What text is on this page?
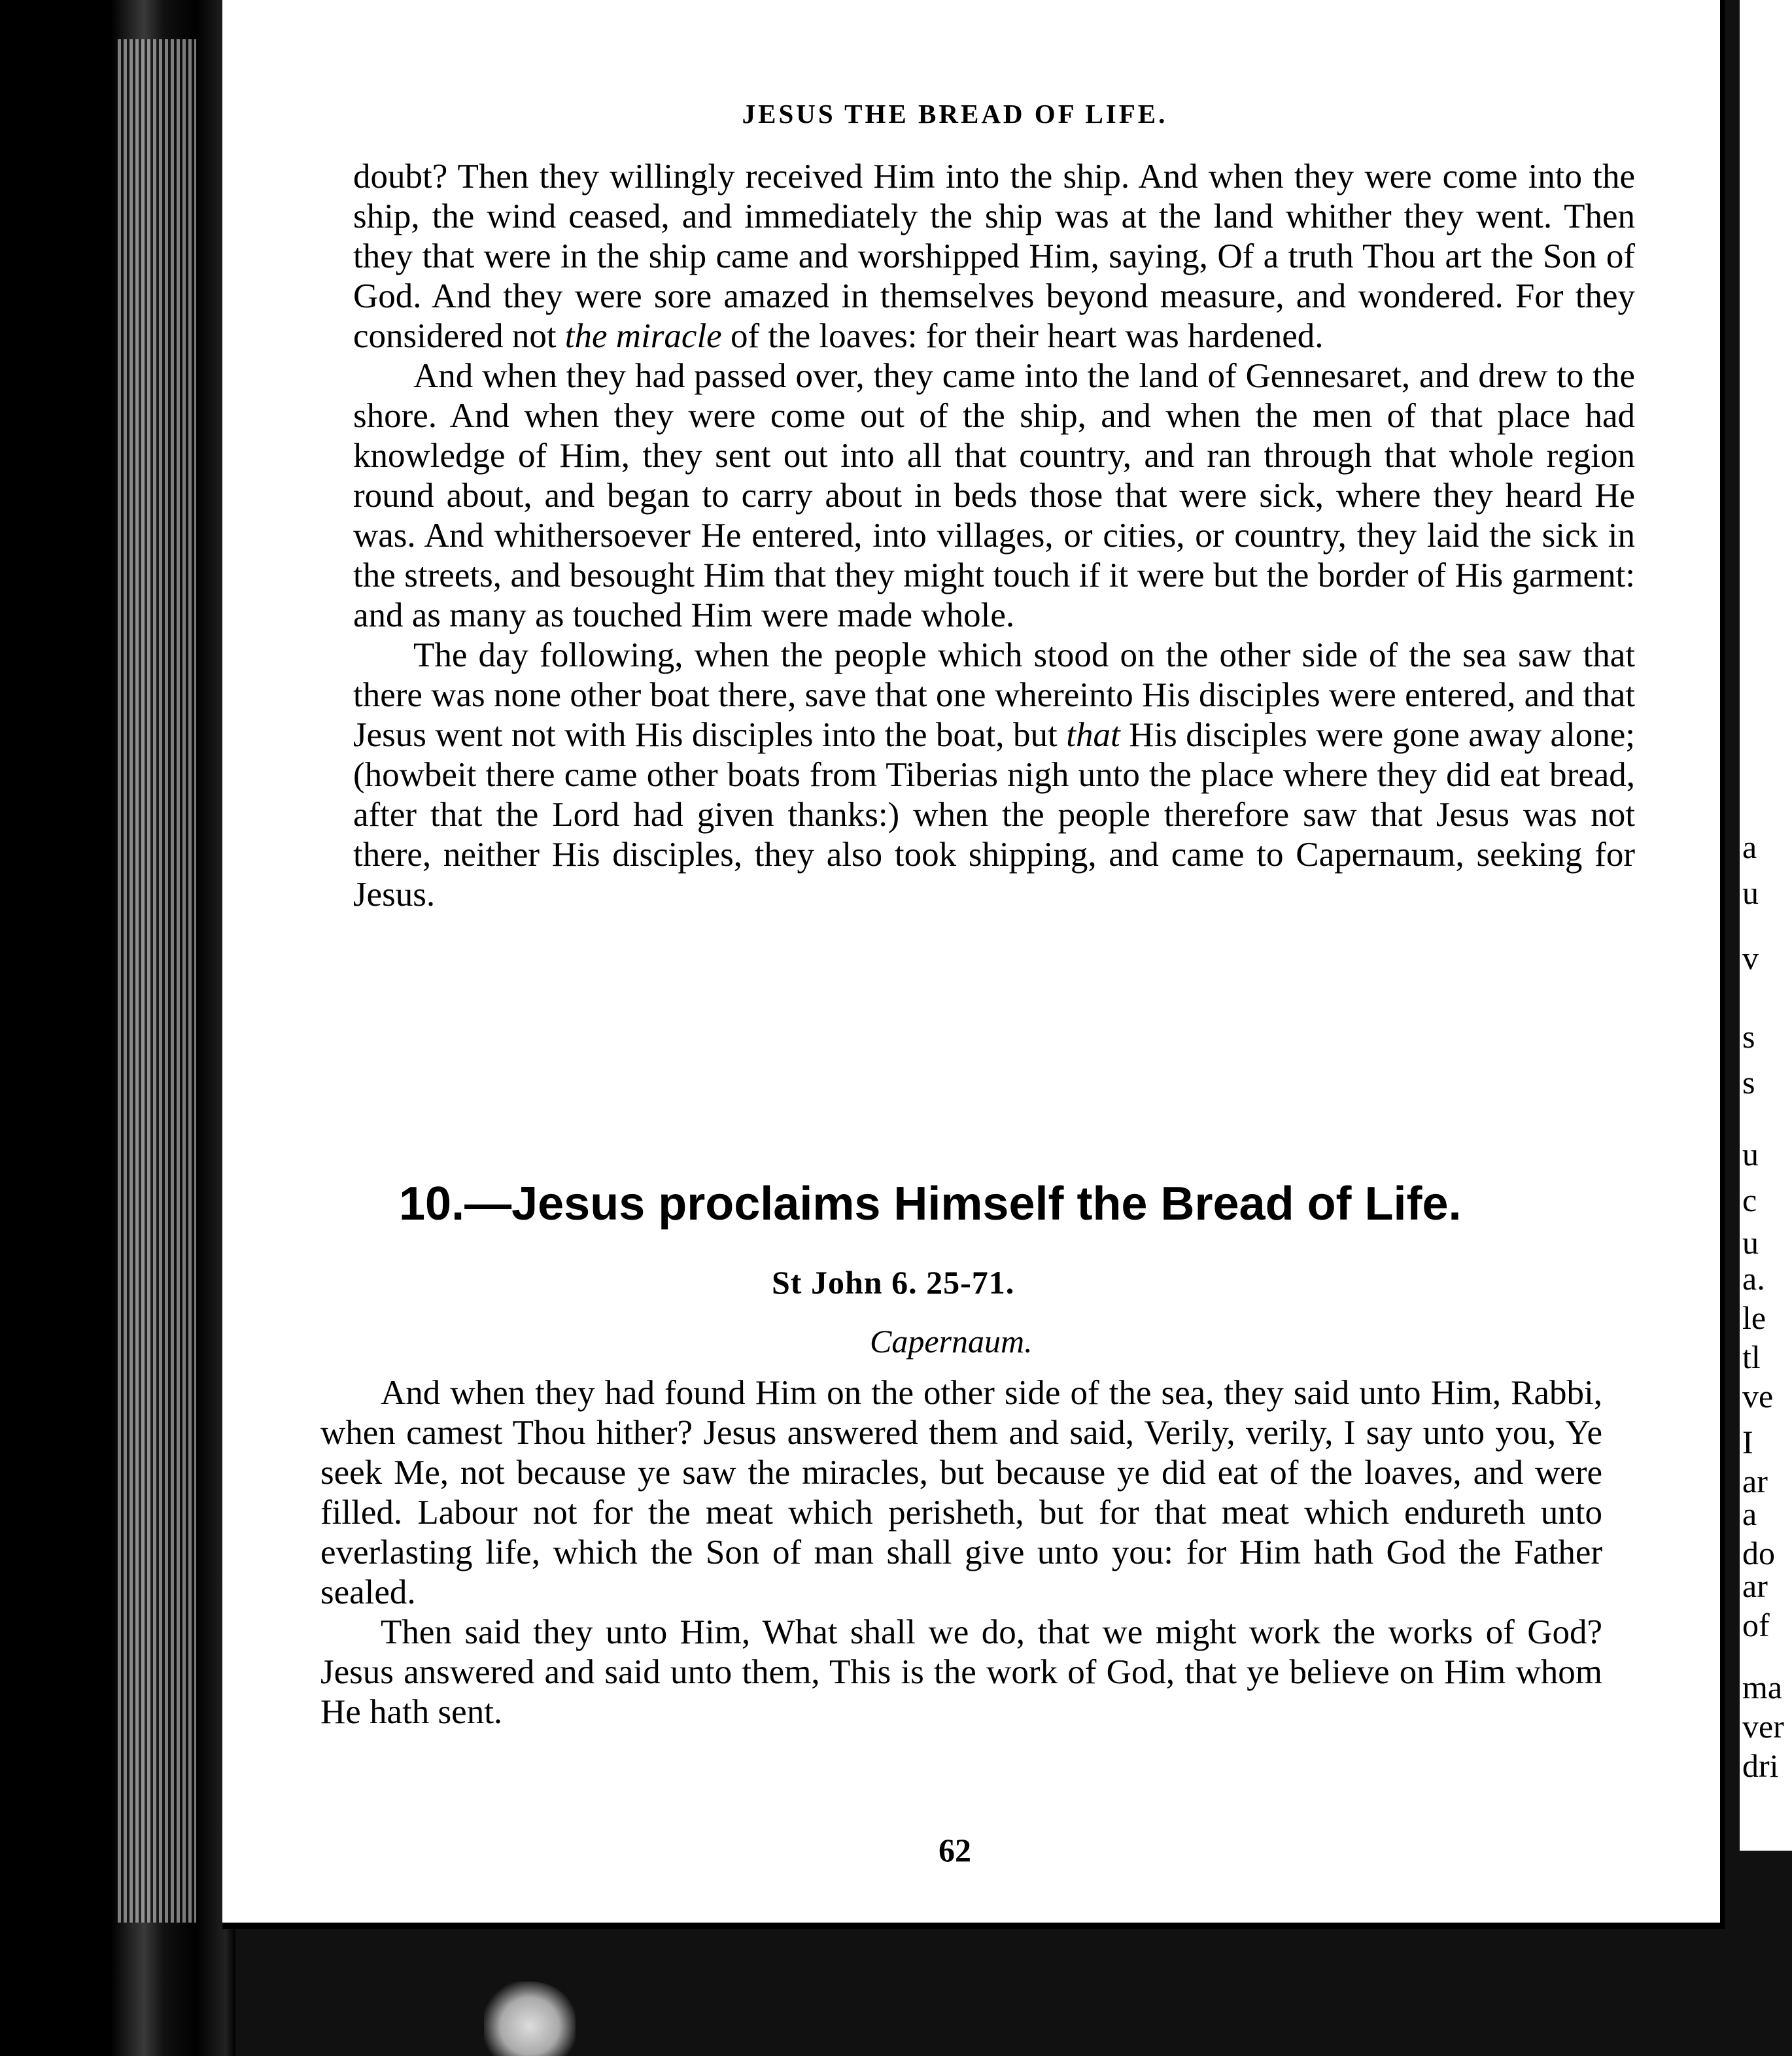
a
u
v
s
s
u
c
u
a.
le
tl
ve
I
ar
a
do
ar
of
ma
ver
dri
JESUS THE BREAD OF LIFE.

doubt? Then they willingly received Him into the ship. And when they were come into the ship, the wind ceased, and immediately the ship was at the land whither they went. Then they that were in the ship came and worshipped Him, saying, Of a truth Thou art the Son of God. And they were sore amazed in themselves beyond measure, and wondered. For they considered not the miracle of the loaves: for their heart was hardened.

And when they had passed over, they came into the land of Gennesaret, and drew to the shore. And when they were come out of the ship, and when the men of that place had knowledge of Him, they sent out into all that country, and ran through that whole region round about, and began to carry about in beds those that were sick, where they heard He was. And whithersoever He entered, into villages, or cities, or country, they laid the sick in the streets, and besought Him that they might touch if it were but the border of His garment: and as many as touched Him were made whole.

The day following, when the people which stood on the other side of the sea saw that there was none other boat there, save that one whereinto His disciples were entered, and that Jesus went not with His disciples into the boat, but that His disciples were gone away alone; (howbeit there came other boats from Tiberias nigh unto the place where they did eat bread, after that the Lord had given thanks:) when the people therefore saw that Jesus was not there, neither His disciples, they also took shipping, and came to Capernaum, seeking for Jesus.

10.—Jesus proclaims Himself the Bread of Life.
St John 6. 25-71.
Capernaum.

And when they had found Him on the other side of the sea, they said unto Him, Rabbi, when camest Thou hither? Jesus answered them and said, Verily, verily, I say unto you, Ye seek Me, not because ye saw the miracles, but because ye did eat of the loaves, and were filled. Labour not for the meat which perisheth, but for that meat which endureth unto everlasting life, which the Son of man shall give unto you: for Him hath God the Father sealed.

Then said they unto Him, What shall we do, that we might work the works of God? Jesus answered and said unto them, This is the work of God, that ye believe on Him whom He hath sent.

62
